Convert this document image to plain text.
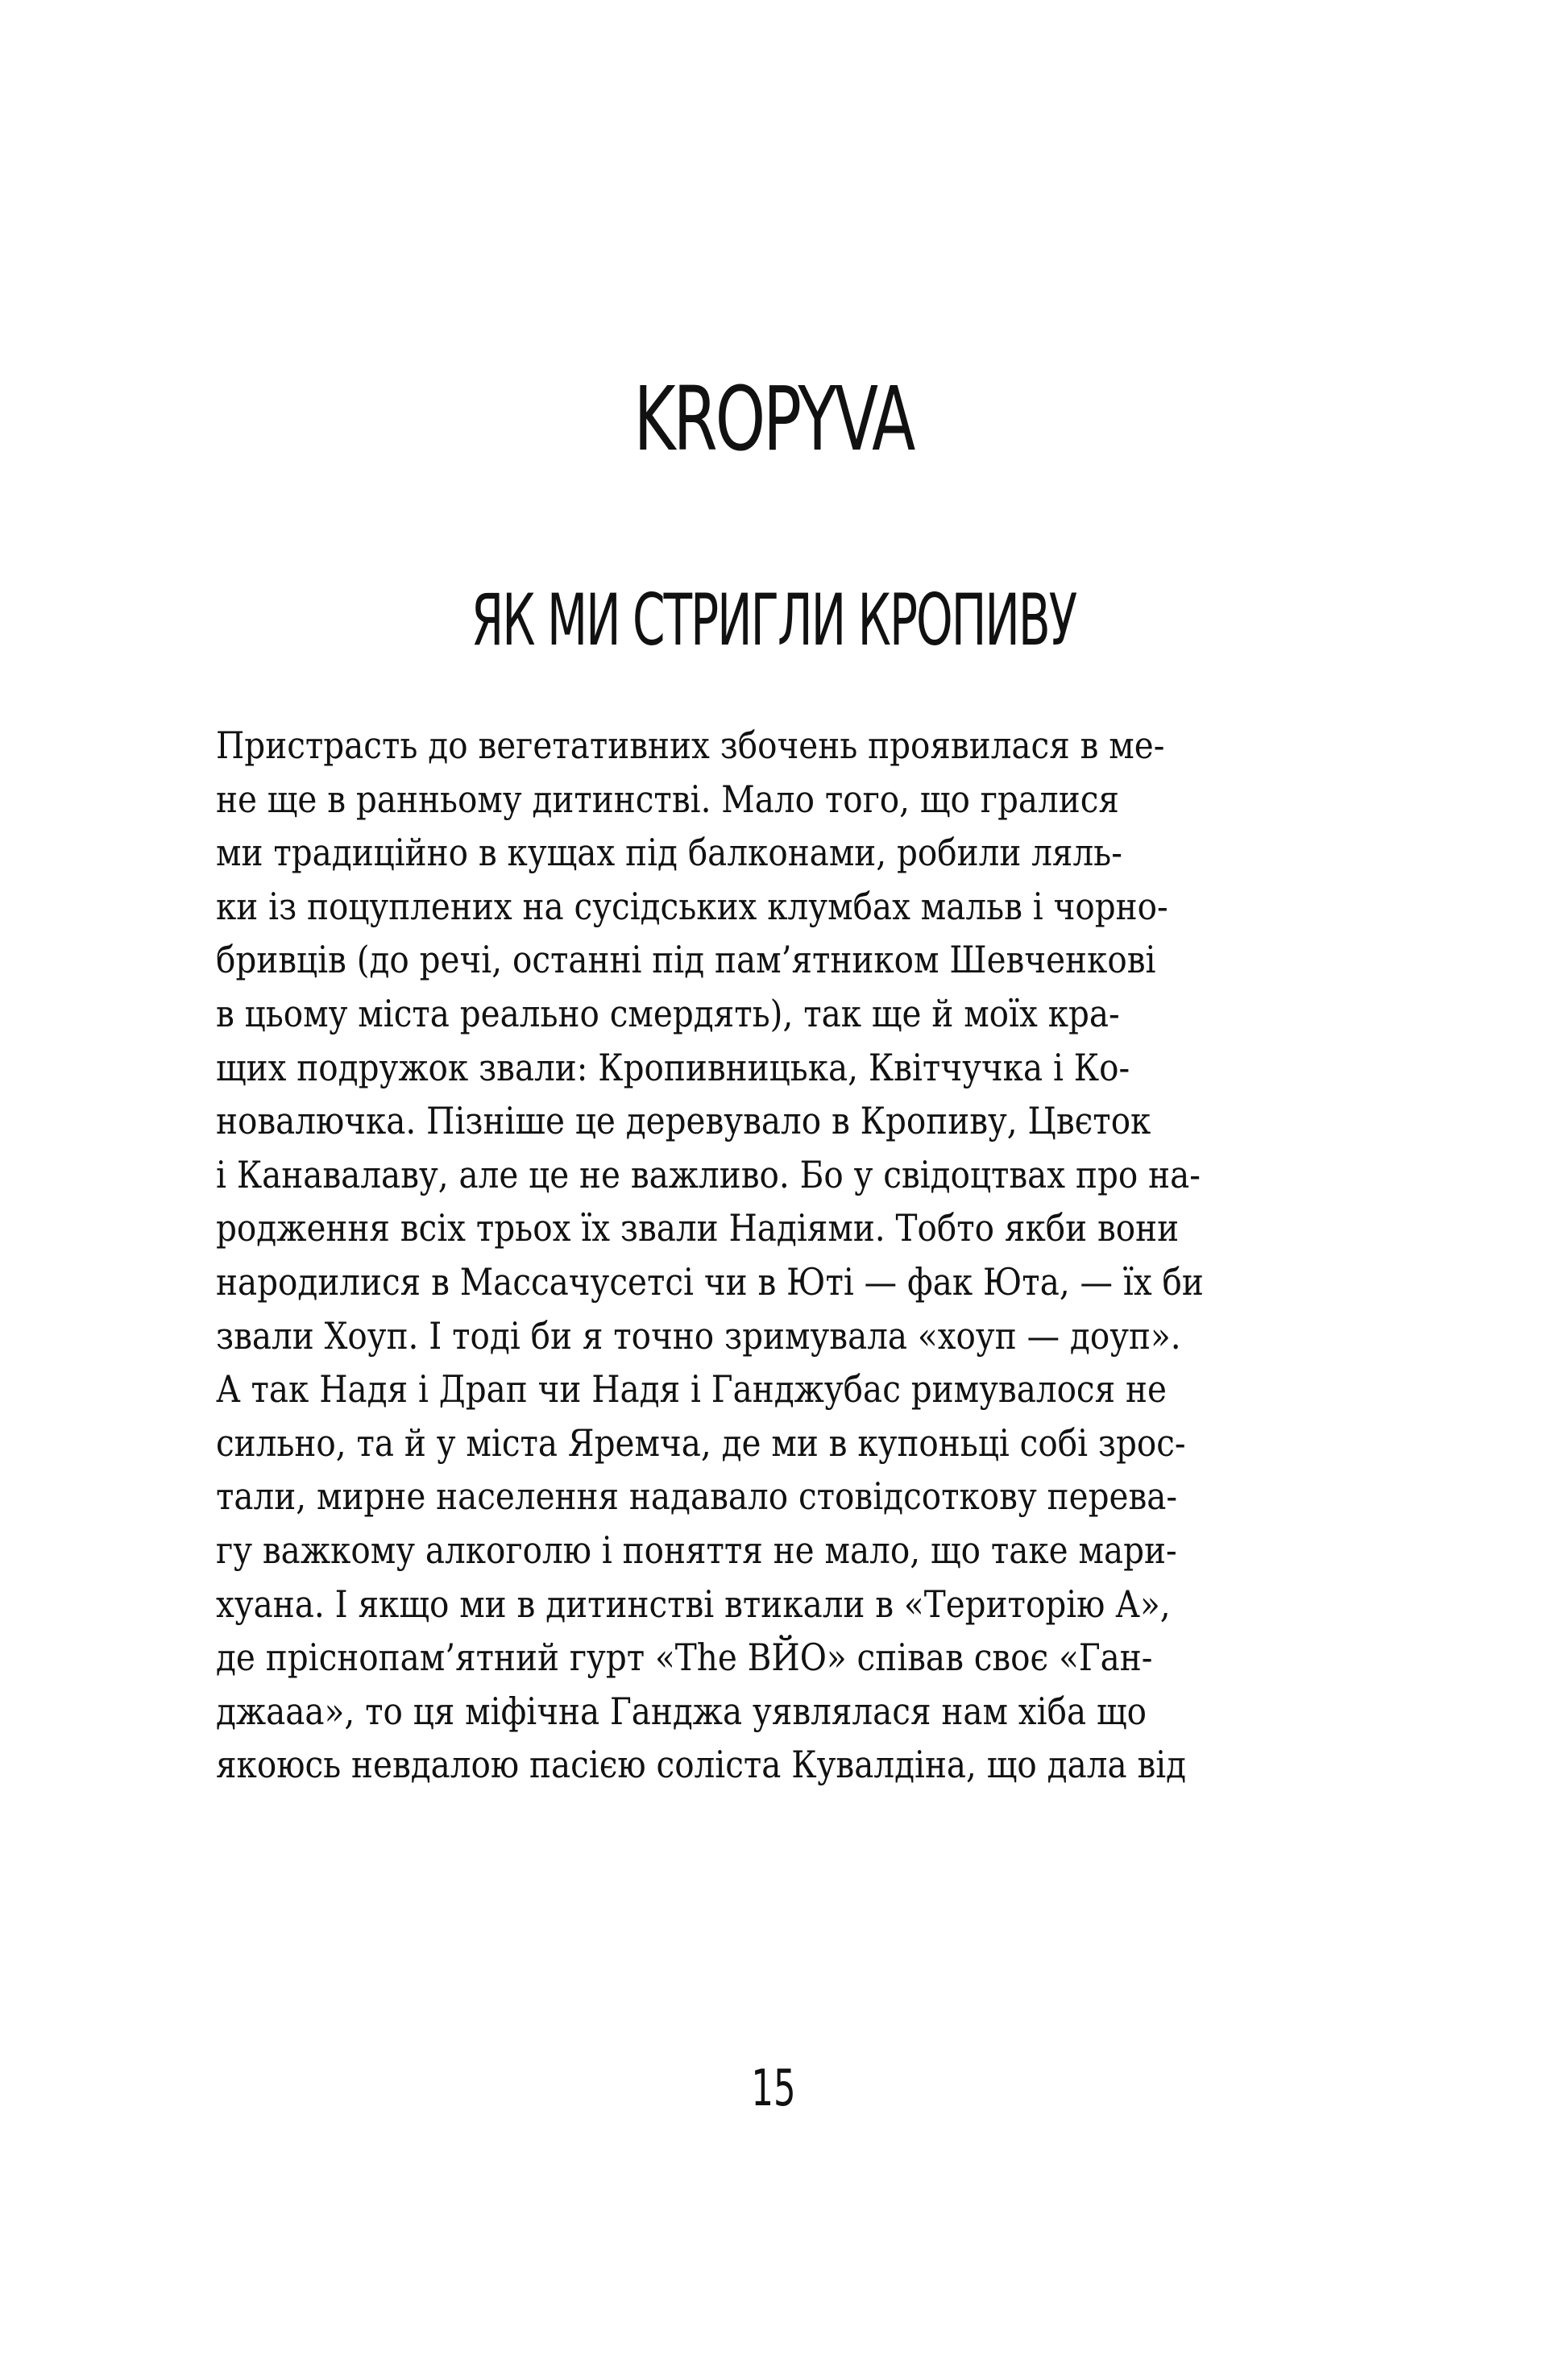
KROPYVA
ЯК МИ СТРИГЛИ КРОПИВУ
Пристрасть до вегетативних збочень проявилася в ме-
не ще в ранньому дитинстві. Мало того, що гралися
ми традиційно в кущах під балконами, робили ляль-
ки із поцуплених на сусідських клумбах мальв і чорно-
бривців (до речі, останні під пам’ятником Шевченкові
в цьому міста реально смердять), так ще й моїх кра-
щих подружок звали: Кропивницька, Квітчучка і Ко-
новалючка. Пізніше це деревувало в Кропиву, Цвєток
і Канавалаву, але це не важливо. Бо у свідоцтвах про на-
родження всіх трьох їх звали Надіями. Тобто якби вони
народилися в Массачусетсі чи в Юті — фак Юта, — їх би
звали Хоуп. І тоді би я точно зримувала «хоуп — доуп».
А так Надя і Драп чи Надя і Ганджубас римувалося не
сильно, та й у міста Яремча, де ми в купоньці собі зрос-
тали, мирне населення надавало стовідсоткову перева-
гу важкому алкоголю і поняття не мало, що таке мари-
хуана. І якщо ми в дитинстві втикали в «Територію А»,
де пріснопам’ятний гурт «The ВЙО» співав своє «Ган-
джааа», то ця міфічна Ганджа уявлялася нам хіба що
якоюсь невдалою пасією соліста Кувалдіна, що дала від
15
